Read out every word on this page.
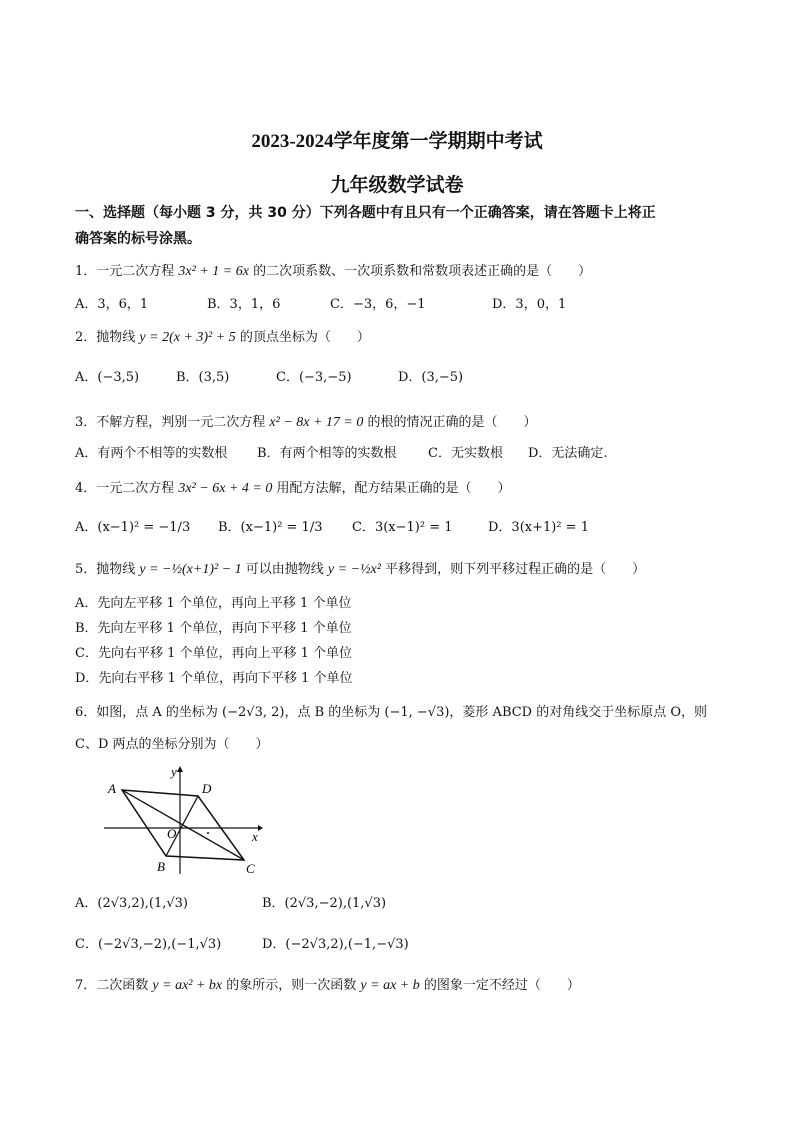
2023-2024学年度第一学期期中考试
九年级数学试卷
一、选择题（每小题 3 分，共 30 分）下列各题中有且只有一个正确答案，请在答题卡上将正
确答案的标号涂黑。
1．一元二次方程 3x² + 1 = 6x 的二次项系数、一次项系数和常数项表述正确的是（　　）
A．3，6，1	B．3，1，6	C．−3，6，−1	D．3，0，1
2．抛物线 y = 2(x + 3)² + 5 的顶点坐标为（　　）
A．(−3,5)	B．(3,5)	C．(−3,−5)	D．(3,−5)
3．不解方程，判别一元二次方程 x² − 8x + 17 = 0 的根的情况正确的是（　　）
A．有两个不相等的实数根 B．有两个相等的实数根 C．无实数根 D．无法确定.
4．一元二次方程 3x² − 6x + 4 = 0 用配方法解，配方结果正确的是（　　）
A．(x−1)² = −1/3 B．(x−1)² = 1/3 C．3(x−1)² = 1	D．3(x+1)² = 1
5．抛物线 y = −½(x+1)² − 1 可以由抛物线 y = −½x² 平移得到，则下列平移过程正确的是（　　）
A．先向左平移 1 个单位，再向上平移 1 个单位
B．先向左平移 1 个单位，再向下平移 1 个单位
C．先向右平移 1 个单位，再向上平移 1 个单位
D．先向右平移 1 个单位，再向下平移 1 个单位
6．如图，点 A 的坐标为 (−2√3, 2)，点 B 的坐标为 (−1, −√3)，菱形 ABCD 的对角线交于坐标原点 O，则
C、D 两点的坐标分别为（　　）
A	D
B	C
O	x
y
A．(2√3,2),(1,√3)	B．(2√3,−2),(1,√3)
C．(−2√3,−2),(−1,√3)	D．(−2√3,2),(−1,−√3)
7．二次函数 y = ax² + bx 的象所示，则一次函数 y = ax + b 的图象一定不经过（　　）
